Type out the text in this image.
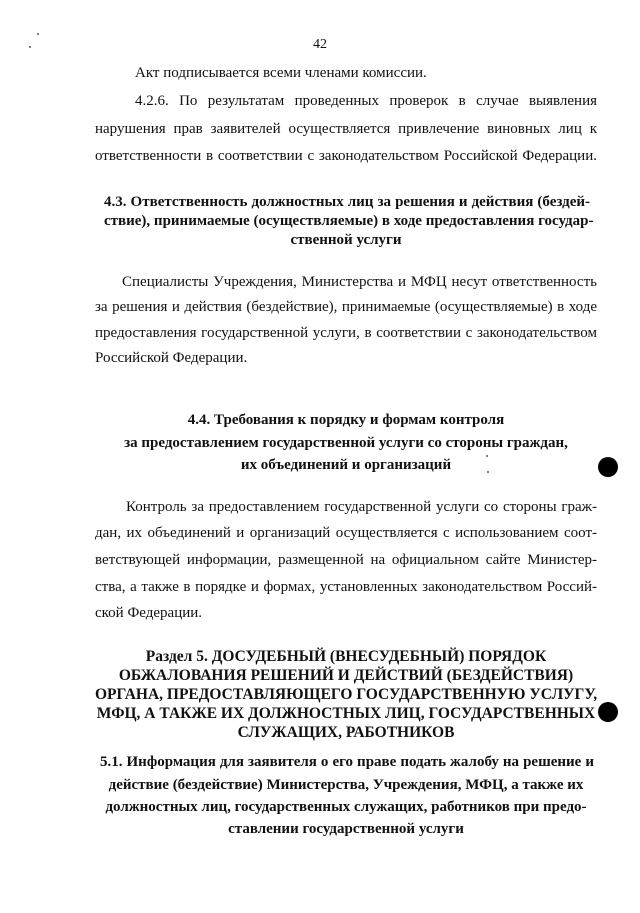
42
Акт подписывается всеми членами комиссии.
4.2.6. По результатам проведенных проверок в случае выявления
нарушения прав заявителей осуществляется привлечение виновных лиц к
ответственности в соответствии с законодательством Российской Федерации.
4.3. Ответственность должностных лиц за решения и действия (бездей-
ствие), принимаемые (осуществляемые) в ходе предоставления государ-
ственной услуги
Специалисты Учреждения, Министерства и МФЦ несут ответственность
за решения и действия (бездействие), принимаемые (осуществляемые) в ходе
предоставления государственной услуги, в соответствии с законодательством
Российской Федерации.
4.4. Требования к порядку и формам контроля
за предоставлением государственной услуги со стороны граждан,
их объединений и организаций
Контроль за предоставлением государственной услуги со стороны граж-
дан, их объединений и организаций осуществляется с использованием соот-
ветствующей информации, размещенной на официальном сайте Министер-
ства, а также в порядке и формах, установленных законодательством Россий-
ской Федерации.
Раздел 5. ДОСУДЕБНЫЙ (ВНЕСУДЕБНЫЙ) ПОРЯДОК
ОБЖАЛОВАНИЯ РЕШЕНИЙ И ДЕЙСТВИЙ (БЕЗДЕЙСТВИЯ)
ОРГАНА, ПРЕДОСТАВЛЯЮЩЕГО ГОСУДАРСТВЕННУЮ УСЛУГУ,
МФЦ, А ТАКЖЕ ИХ ДОЛЖНОСТНЫХ ЛИЦ, ГОСУДАРСТВЕННЫХ
СЛУЖАЩИХ, РАБОТНИКОВ
5.1. Информация для заявителя о его праве подать жалобу на решение и
действие (бездействие) Министерства, Учреждения, МФЦ, а также их
должностных лиц, государственных служащих, работников при предо-
ставлении государственной услуги
